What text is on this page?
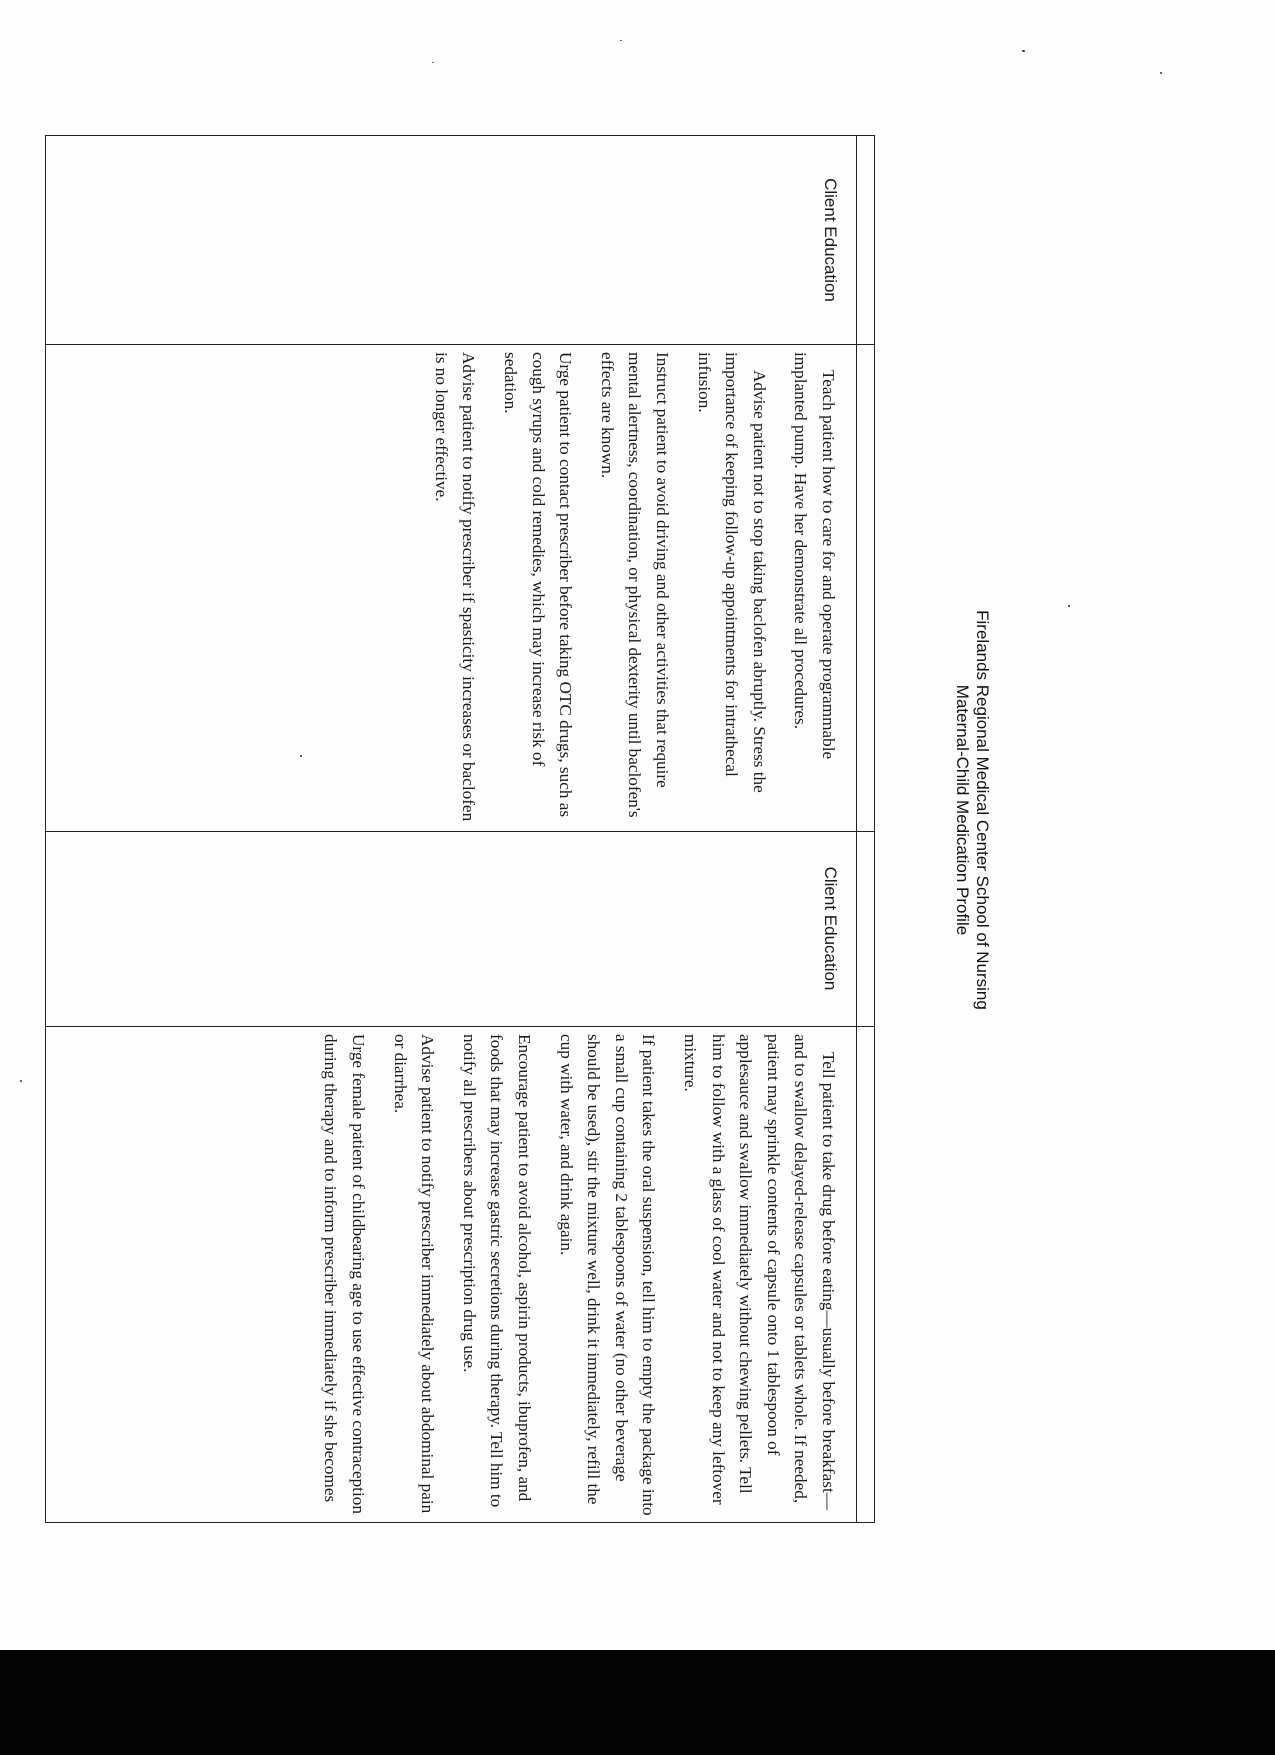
Firelands Regional Medical Center School of Nursing
Maternal-Child Medication Profile
Client Education

Teach patient how to care for and operate programmable implanted pump. Have her demonstrate all procedures.

Advise patient not to stop taking baclofen abruptly. Stress the importance of keeping follow-up appointments for intrathecal infusion.

Instruct patient to avoid driving and other activities that require mental alertness, coordination, or physical dexterity until baclofen's effects are known.

Urge patient to contact prescriber before taking OTC drugs, such as cough syrups and cold remedies, which may increase risk of sedation.

Advise patient to notify prescriber if spasticity increases or baclofen is no longer effective.

Client Education

Tell patient to take drug before eating—usually before breakfast—and to swallow delayed-release capsules or tablets whole. If needed, patient may sprinkle contents of capsule onto 1 tablespoon of applesauce and swallow immediately without chewing pellets. Tell him to follow with a glass of cool water and not to keep any leftover mixture.

If patient takes the oral suspension, tell him to empty the package into a small cup containing 2 tablespoons of water (no other beverage should be used), stir the mixture well, drink it immediately, refill the cup with water, and drink again.

Encourage patient to avoid alcohol, aspirin products, ibuprofen, and foods that may increase gastric secretions during therapy. Tell him to notify all prescribers about prescription drug use.

Advise patient to notify prescriber immediately about abdominal pain or diarrhea.

Urge female patient of childbearing age to use effective contraception during therapy and to inform prescriber immediately if she becomes
